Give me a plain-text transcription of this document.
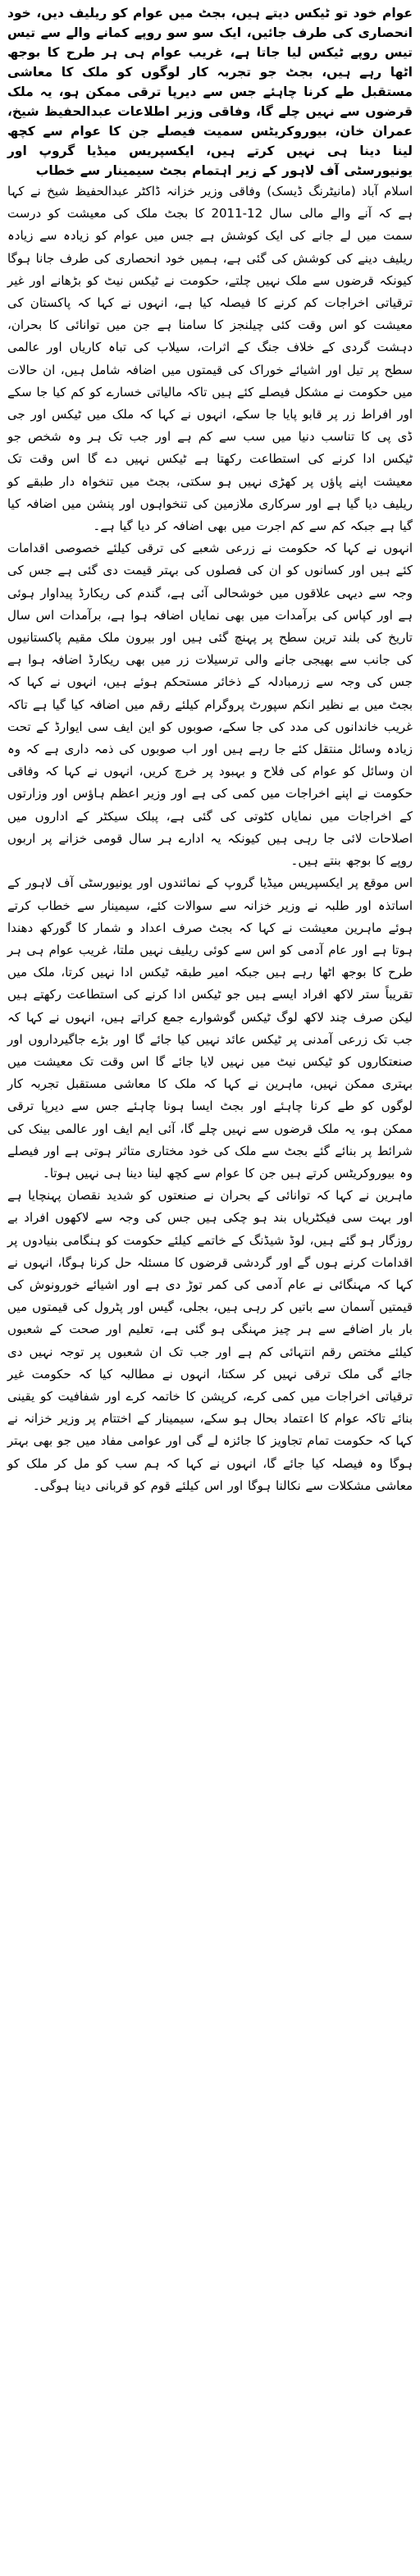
عوام خود تو ٹیکس دیتے ہیں، بجٹ میں عوام کو ریلیف دیں، خود انحصاری کی طرف جائیں، ایک سو سو روپے کمانے والے سے تیس تیس روپے ٹیکس لیا جاتا ہے، غریب عوام ہی ہر طرح کا بوجھ اٹھا رہے ہیں، بجٹ جو تجربہ کار لوگوں کو ملک کا معاشی مستقبل طے کرنا چاہئے جس سے دیرپا ترقی ممکن ہو، یہ ملک قرضوں سے نہیں چلے گا، وفاقی وزیر اطلاعات عبدالحفیظ شیخ، عمران خان، بیوروکریٹس سمیت فیصلے جن کا عوام سے کچھ لینا دینا ہی نہیں کرتے ہیں، ایکسپریس میڈیا گروپ اور یونیورسٹی آف لاہور کے زیر اہتمام بجٹ سیمینار سے خطاب

اسلام آباد (مانیٹرنگ ڈیسک) وفاقی وزیر خزانہ ڈاکٹر عبدالحفیظ شیخ نے کہا ہے کہ آنے والے مالی سال 12-2011 کا بجٹ ملک کی معیشت کو درست سمت میں لے جانے کی ایک کوشش ہے جس میں عوام کو زیادہ سے زیادہ ریلیف دینے کی کوشش کی گئی ہے، ہمیں خود انحصاری کی طرف جانا ہوگا کیونکہ قرضوں سے ملک نہیں چلتے، حکومت نے ٹیکس نیٹ کو بڑھانے اور غیر ترقیاتی اخراجات کم کرنے کا فیصلہ کیا ہے، انہوں نے کہا کہ پاکستان کی معیشت کو اس وقت کئی چیلنجز کا سامنا ہے جن میں توانائی کا بحران، دہشت گردی کے خلاف جنگ کے اثرات، سیلاب کی تباہ کاریاں اور عالمی سطح پر تیل اور اشیائے خوراک کی قیمتوں میں اضافہ شامل ہیں، ان حالات میں حکومت نے مشکل فیصلے کئے ہیں تاکہ مالیاتی خسارے کو کم کیا جا سکے اور افراط زر پر قابو پایا جا سکے، انہوں نے کہا کہ ملک میں ٹیکس اور جی ڈی پی کا تناسب دنیا میں سب سے کم ہے اور جب تک ہر وہ شخص جو ٹیکس ادا کرنے کی استطاعت رکھتا ہے ٹیکس نہیں دے گا اس وقت تک معیشت اپنے پاؤں پر کھڑی نہیں ہو سکتی، بجٹ میں تنخواہ دار طبقے کو ریلیف دیا گیا ہے اور سرکاری ملازمین کی تنخواہوں اور پنشن میں اضافہ کیا گیا ہے جبکہ کم سے کم اجرت میں بھی اضافہ کر دیا گیا ہے۔

انہوں نے کہا کہ حکومت نے زرعی شعبے کی ترقی کیلئے خصوصی اقدامات کئے ہیں اور کسانوں کو ان کی فصلوں کی بہتر قیمت دی گئی ہے جس کی وجہ سے دیہی علاقوں میں خوشحالی آئی ہے، گندم کی ریکارڈ پیداوار ہوئی ہے اور کپاس کی برآمدات میں بھی نمایاں اضافہ ہوا ہے، برآمدات اس سال تاریخ کی بلند ترین سطح پر پہنچ گئی ہیں اور بیرون ملک مقیم پاکستانیوں کی جانب سے بھیجی جانے والی ترسیلات زر میں بھی ریکارڈ اضافہ ہوا ہے جس کی وجہ سے زرمبادلہ کے ذخائر مستحکم ہوئے ہیں، انہوں نے کہا کہ بجٹ میں بے نظیر انکم سپورٹ پروگرام کیلئے رقم میں اضافہ کیا گیا ہے تاکہ غریب خاندانوں کی مدد کی جا سکے، صوبوں کو این ایف سی ایوارڈ کے تحت زیادہ وسائل منتقل کئے جا رہے ہیں اور اب صوبوں کی ذمہ داری ہے کہ وہ ان وسائل کو عوام کی فلاح و بہبود پر خرچ کریں، انہوں نے کہا کہ وفاقی حکومت نے اپنے اخراجات میں کمی کی ہے اور وزیر اعظم ہاؤس اور وزارتوں کے اخراجات میں نمایاں کٹوتی کی گئی ہے، پبلک سیکٹر کے اداروں میں اصلاحات لائی جا رہی ہیں کیونکہ یہ ادارے ہر سال قومی خزانے پر اربوں روپے کا بوجھ بنتے ہیں۔

اس موقع پر ایکسپریس میڈیا گروپ کے نمائندوں اور یونیورسٹی آف لاہور کے اساتذہ اور طلبہ نے وزیر خزانہ سے سوالات کئے، سیمینار سے خطاب کرتے ہوئے ماہرین معیشت نے کہا کہ بجٹ صرف اعداد و شمار کا گورکھ دھندا ہوتا ہے اور عام آدمی کو اس سے کوئی ریلیف نہیں ملتا، غریب عوام ہی ہر طرح کا بوجھ اٹھا رہے ہیں جبکہ امیر طبقہ ٹیکس ادا نہیں کرتا، ملک میں تقریباً ستر لاکھ افراد ایسے ہیں جو ٹیکس ادا کرنے کی استطاعت رکھتے ہیں لیکن صرف چند لاکھ لوگ ٹیکس گوشوارے جمع کراتے ہیں، انہوں نے کہا کہ جب تک زرعی آمدنی پر ٹیکس عائد نہیں کیا جائے گا اور بڑے جاگیرداروں اور صنعتکاروں کو ٹیکس نیٹ میں نہیں لایا جائے گا اس وقت تک معیشت میں بہتری ممکن نہیں، ماہرین نے کہا کہ ملک کا معاشی مستقبل تجربہ کار لوگوں کو طے کرنا چاہئے اور بجٹ ایسا ہونا چاہئے جس سے دیرپا ترقی ممکن ہو، یہ ملک قرضوں سے نہیں چلے گا، آئی ایم ایف اور عالمی بینک کی شرائط پر بنائے گئے بجٹ سے ملک کی خود مختاری متاثر ہوتی ہے اور فیصلے وہ بیوروکریٹس کرتے ہیں جن کا عوام سے کچھ لینا دینا ہی نہیں ہوتا۔

ماہرین نے کہا کہ توانائی کے بحران نے صنعتوں کو شدید نقصان پہنچایا ہے اور بہت سی فیکٹریاں بند ہو چکی ہیں جس کی وجہ سے لاکھوں افراد بے روزگار ہو گئے ہیں، لوڈ شیڈنگ کے خاتمے کیلئے حکومت کو ہنگامی بنیادوں پر اقدامات کرنے ہوں گے اور گردشی قرضوں کا مسئلہ حل کرنا ہوگا، انہوں نے کہا کہ مہنگائی نے عام آدمی کی کمر توڑ دی ہے اور اشیائے خورونوش کی قیمتیں آسمان سے باتیں کر رہی ہیں، بجلی، گیس اور پٹرول کی قیمتوں میں بار بار اضافے سے ہر چیز مہنگی ہو گئی ہے، تعلیم اور صحت کے شعبوں کیلئے مختص رقم انتہائی کم ہے اور جب تک ان شعبوں پر توجہ نہیں دی جائے گی ملک ترقی نہیں کر سکتا، انہوں نے مطالبہ کیا کہ حکومت غیر ترقیاتی اخراجات میں کمی کرے، کرپشن کا خاتمہ کرے اور شفافیت کو یقینی بنائے تاکہ عوام کا اعتماد بحال ہو سکے، سیمینار کے اختتام پر وزیر خزانہ نے کہا کہ حکومت تمام تجاویز کا جائزہ لے گی اور عوامی مفاد میں جو بھی بہتر ہوگا وہ فیصلہ کیا جائے گا، انہوں نے کہا کہ ہم سب کو مل کر ملک کو معاشی مشکلات سے نکالنا ہوگا اور اس کیلئے قوم کو قربانی دینا ہوگی۔
